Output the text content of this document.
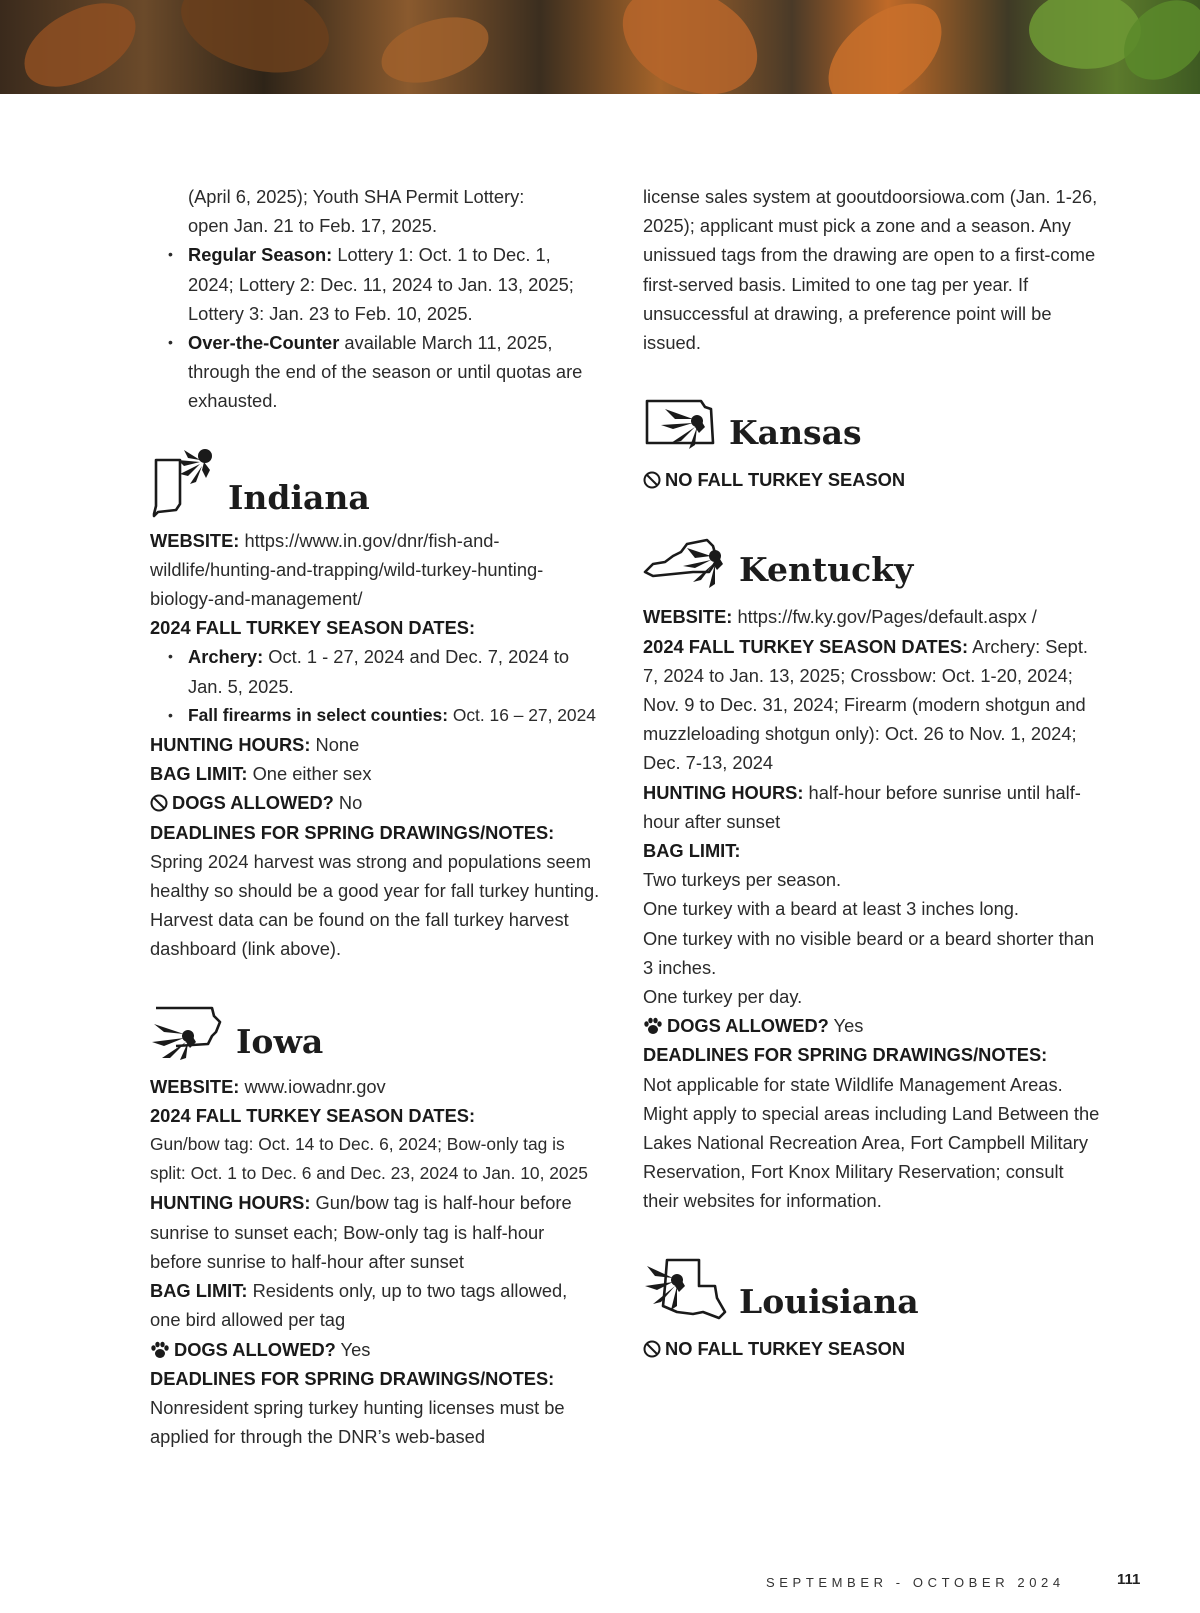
(April 6, 2025); Youth SHA Permit Lottery:

open Jan. 21 to Feb. 17, 2025.

• Regular Season: Lottery 1: Oct. 1 to Dec. 1, 2024; Lottery 2: Dec. 11, 2024 to Jan. 13, 2025; Lottery 3: Jan. 23 to Feb. 10, 2025.
• Over-the-Counter available March 11, 2025, through the end of the season or until quotas are exhausted.
Indiana

WEBSITE: https://www.in.gov/dnr/fish-and-wildlife/hunting-and-trapping/wild-turkey-hunting-biology-and-management/

2024 FALL TURKEY SEASON DATES:

• Archery: Oct. 1 - 27, 2024 and Dec. 7, 2024 to Jan. 5, 2025.
• Fall firearms in select counties: Oct. 16 – 27, 2024

HUNTING HOURS: None

BAG LIMIT: One either sex

DOGS ALLOWED? No

DEADLINES FOR SPRING DRAWINGS/NOTES:

Spring 2024 harvest was strong and populations seem healthy so should be a good year for fall turkey hunting. Harvest data can be found on the fall turkey harvest dashboard (link above).

Iowa

WEBSITE: www.iowadnr.gov

2024 FALL TURKEY SEASON DATES:

Gun/bow tag: Oct. 14 to Dec. 6, 2024; Bow-only tag is split: Oct. 1 to Dec. 6 and Dec. 23, 2024 to Jan. 10, 2025

HUNTING HOURS: Gun/bow tag is half-hour before sunrise to sunset each; Bow-only tag is half-hour before sunrise to half-hour after sunset

BAG LIMIT: Residents only, up to two tags allowed, one bird allowed per tag

DOGS ALLOWED? Yes

DEADLINES FOR SPRING DRAWINGS/NOTES:

Nonresident spring turkey hunting licenses must be applied for through the DNR’s web-based

license sales system at gooutdoorsiowa.com (Jan. 1-26, 2025); applicant must pick a zone and a season. Any unissued tags from the drawing are open to a first-come first-served basis. Limited to one tag per year. If unsuccessful at drawing, a preference point will be issued.

Kansas

NO FALL TURKEY SEASON

Kentucky

WEBSITE: https://fw.ky.gov/Pages/default.aspx /

2024 FALL TURKEY SEASON DATES: Archery: Sept. 7, 2024 to Jan. 13, 2025; Crossbow: Oct. 1-20, 2024; Nov. 9 to Dec. 31, 2024; Firearm (modern shotgun and muzzleloading shotgun only): Oct. 26 to Nov. 1, 2024; Dec. 7-13, 2024

HUNTING HOURS: half-hour before sunrise until half-hour after sunset

BAG LIMIT:

Two turkeys per season.

One turkey with a beard at least 3 inches long.

One turkey with no visible beard or a beard shorter than 3 inches.

One turkey per day.

DOGS ALLOWED? Yes

DEADLINES FOR SPRING DRAWINGS/NOTES:

Not applicable for state Wildlife Management Areas. Might apply to special areas including Land Between the Lakes National Recreation Area, Fort Campbell Military Reservation, Fort Knox Military Reservation; consult their websites for information.

Louisiana

NO FALL TURKEY SEASON

SEPTEMBER - OCTOBER 2024	111
